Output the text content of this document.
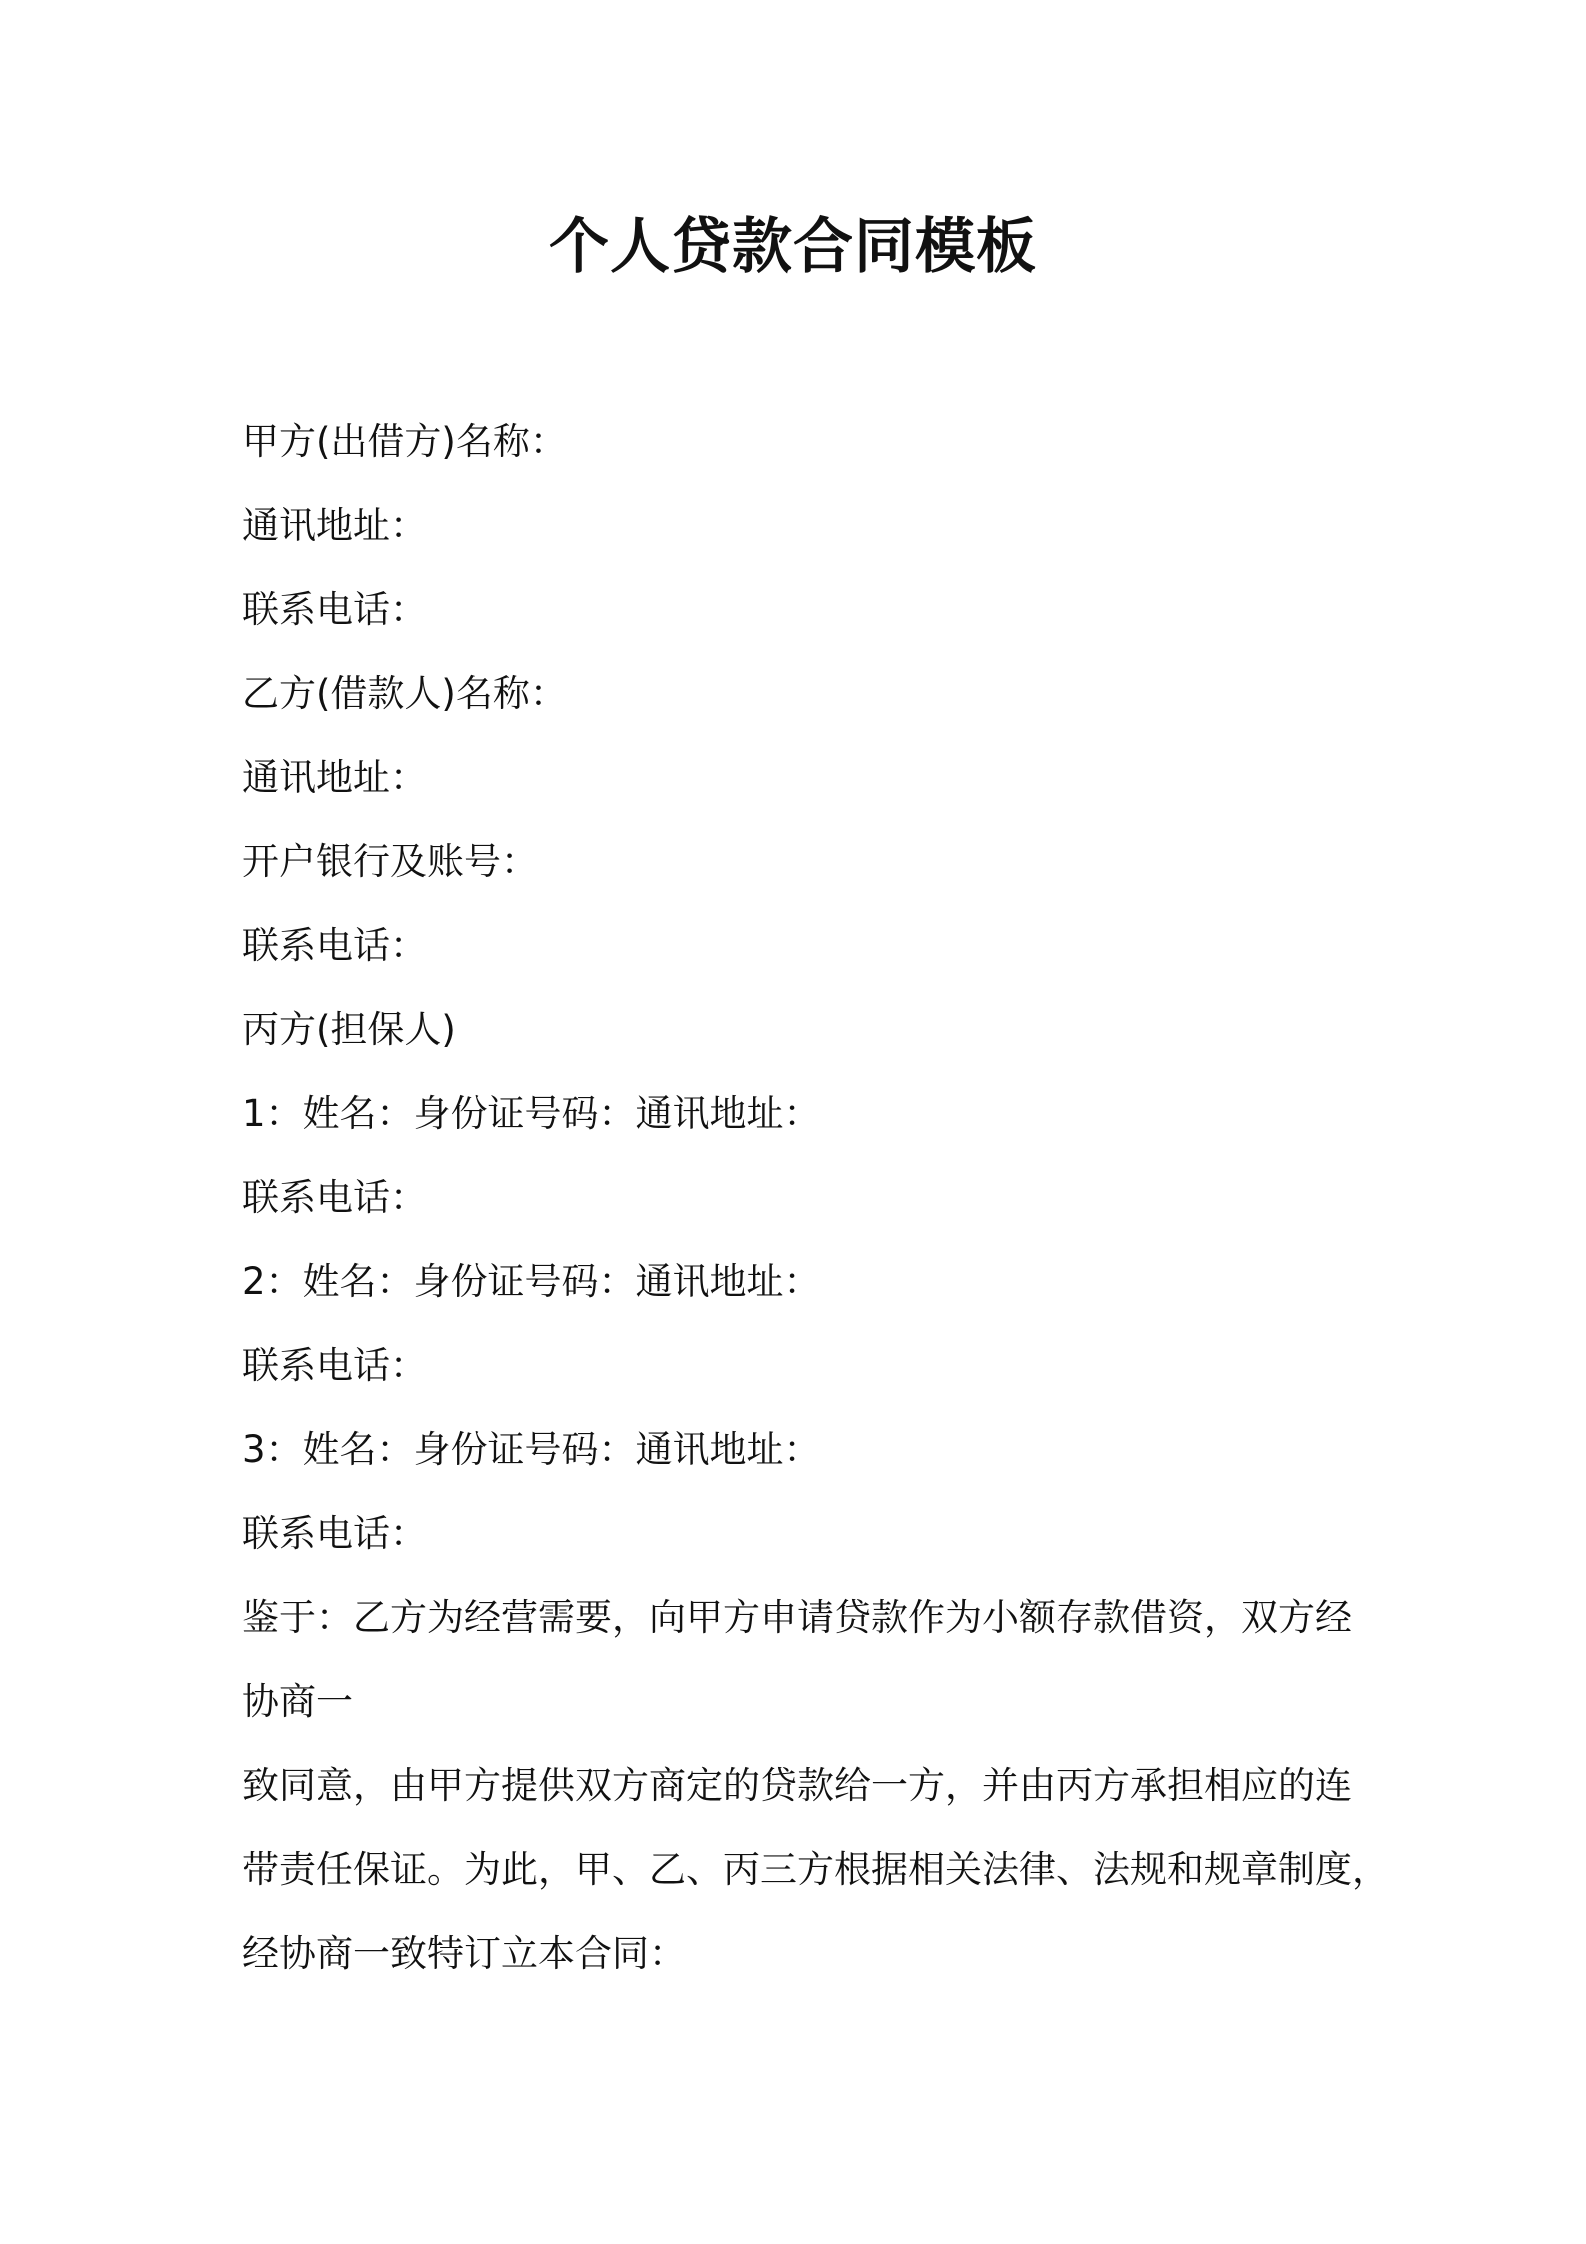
个人贷款合同模板

甲方(出借方)名称：

通讯地址：

联系电话：

乙方(借款人)名称：

通讯地址：

开户银行及账号：

联系电话：

丙方(担保人)

1：姓名：身份证号码：通讯地址：

联系电话：

2：姓名：身份证号码：通讯地址：

联系电话：

3：姓名：身份证号码：通讯地址：

联系电话：

鉴于：乙方为经营需要，向甲方申请贷款作为小额存款借资，双方经

协商一

致同意，由甲方提供双方商定的贷款给一方，并由丙方承担相应的连

带责任保证。为此，甲、乙、丙三方根据相关法律、法规和规章制度，

经协商一致特订立本合同：
